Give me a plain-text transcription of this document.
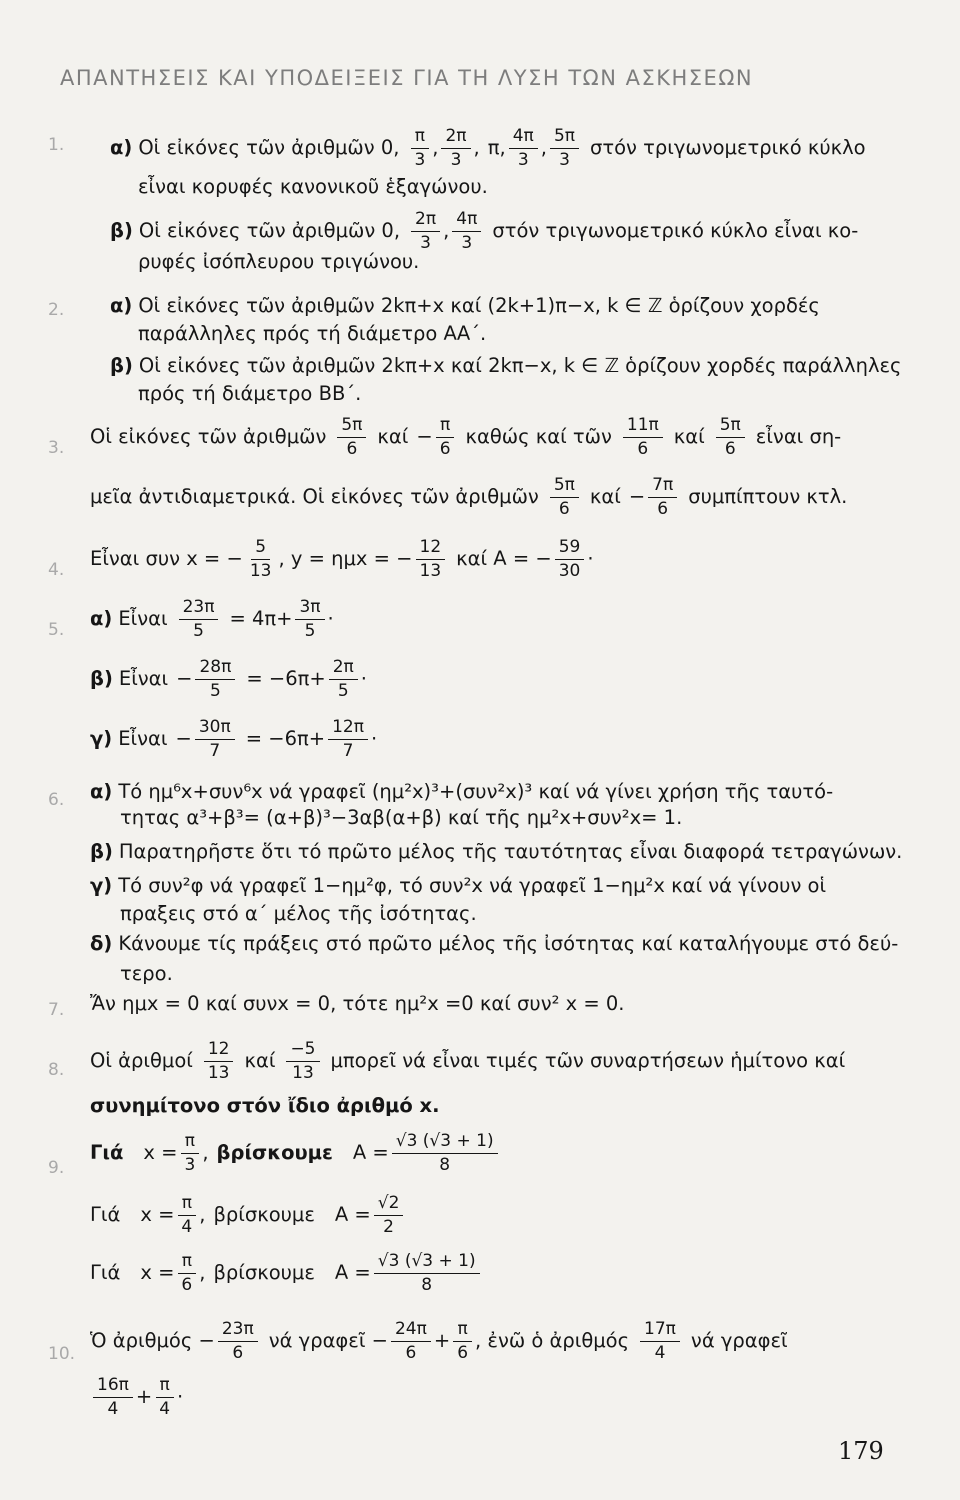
ΑΠΑΝΤΗΣΕΙΣ ΚΑΙ ΥΠΟΔΕΙΞΕΙΣ ΓΙΑ ΤΗ ΛΥΣΗ ΤΩΝ ΑΣΚΗΣΕΩΝ
1. α) Οἱ εἰκόνες τῶν ἀριθμῶν 0, $\frac{\pi}{3}$ , $\frac{2\pi}{3}$ , π , $\frac{4\pi}{3}$ , $\frac{5\pi}{3}$ στόν τριγωνομετρικό κύκλο
εἶναι κορυφές κανονικοῦ ἑξαγώνου.
β) Οἱ εἰκόνες τῶν ἀριθμῶν 0, $\frac{2\pi}{3}$ , $\frac{4\pi}{3}$ στόν τριγωνομετρικό κύκλο εἶναι κο-
ρυφές ἰσόπλευρου τριγώνου.
2. α) Οἱ εἰκόνες τῶν ἀριθμῶν 2kπ+x καί (2k+1)π−x, k ∈ ℤ ὁρίζουν χορδές
παράλληλες πρός τή διάμετρο ΑΑ΄.
β) Οἱ εἰκόνες τῶν ἀριθμῶν 2kπ+x καί 2kπ−x, k ∈ ℤ ὁρίζουν χορδές παράλληλες
πρός τή διάμετρο ΒΒ΄.
3. Οἱ εἰκόνες τῶν ἀριθμῶν $\frac{5\pi}{6}$ $\kappa\alpha ί - \frac{\pi}{6}$ καθώς καί τῶν $\frac{11\pi}{6}$ καί $\frac{5\pi}{6}$ εἶναι ση-
μεῖα ἀντιδιαμετρικά. Οἱ εἰκόνες τῶν ἀριθμῶν $\frac{5\pi}{6}$ $\kappa\alpha ί - \frac{7\pi}{6}$ συμπίπτουν κτλ.
4. Εἶναι συν x = − $\frac{5}{13}$ , y = ημx = − $\frac{12}{13}$ καί Α = − $\frac{59}{30}$ ·
5. α) Εἶναι $\frac{23\pi}{5} = 4\pi+ \frac{3\pi}{5}$ ·
β) Εἶναι − $\frac{28\pi}{5} = -6\pi+ \frac{2\pi}{5}$ ·
γ) Εἶναι − $\frac{30\pi}{7} = -6\pi+ \frac{12\pi}{7}$ ·
6. α) Τό ημ⁶x+συν⁶x νά γραφεῖ (ημ²x)³+(συν²x)³ καί νά γίνει χρήση τῆς ταυτό-
τητας α³+β³= (α+β)³−3αβ(α+β) καί τῆς ημ²x+συν²x= 1.
β) Παρατηρῆστε ὅτι τό πρῶτο μέλος τῆς ταυτότητας εἶναι διαφορά τετραγώνων.
γ) Τό συν²φ νά γραφεῖ 1−ημ²φ, τό συν²x νά γραφεῖ 1−ημ²x καί νά γίνουν οἱ
πραξεις στό α΄ μέλος τῆς ἰσότητας.
δ) Κάνουμε τίς πράξεις στό πρῶτο μέλος τῆς ἰσότητας καί καταλήγουμε στό δεύ-
τερο.
7. Ἄν ημx = 0 καί συνx = 0, τότε ημ²x =0 καί συν² x = 0.
8. Οἱ ἀριθμοί $\frac{12}{13}$ καί $\frac{-5}{13}$ μπορεῖ νά εἶναι τιμές τῶν συναρτήσεων ἡμίτονο καί
συνημίτονο στόν ἴδιο ἀριθμό x.
9.
Γιά $x = \frac{\pi}{3}$ , βρίσκουμε $A = \frac{√3 (√3 + 1)}{8}$
Γιά $x = \frac{\pi}{4}$ , βρίσκουμε $A = \frac{√2}{2}$
Γιά $x = \frac{\pi}{6}$ , βρίσκουμε $A = \frac{√3 (√3 + 1)}{8}$
10.
Ὁ ἀριθμός − $\frac{23\pi}{6}$ νά γραφεῖ − $\frac{24\pi}{6} + \frac{\pi}{6}$ , ἐνῶ ὁ ἀριθμός $\frac{17\pi}{4}$ νά γραφεῖ
$\frac{16\pi}{4} + \frac{\pi}{4}$ ·
179
